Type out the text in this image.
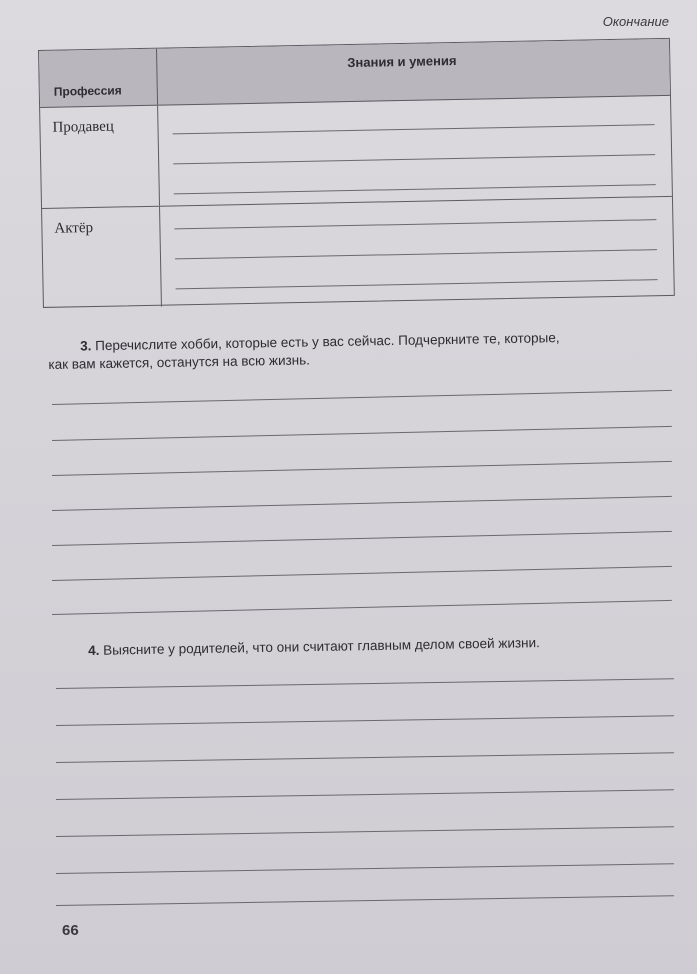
Окончание
Профессия
Знания и умения
Продавец
Актёр
3. Перечислите хобби, которые есть у вас сейчас. Подчеркните те, которые,
как вам кажется, останутся на всю жизнь.
4. Выясните у родителей, что они считают главным делом своей жизни.
66
